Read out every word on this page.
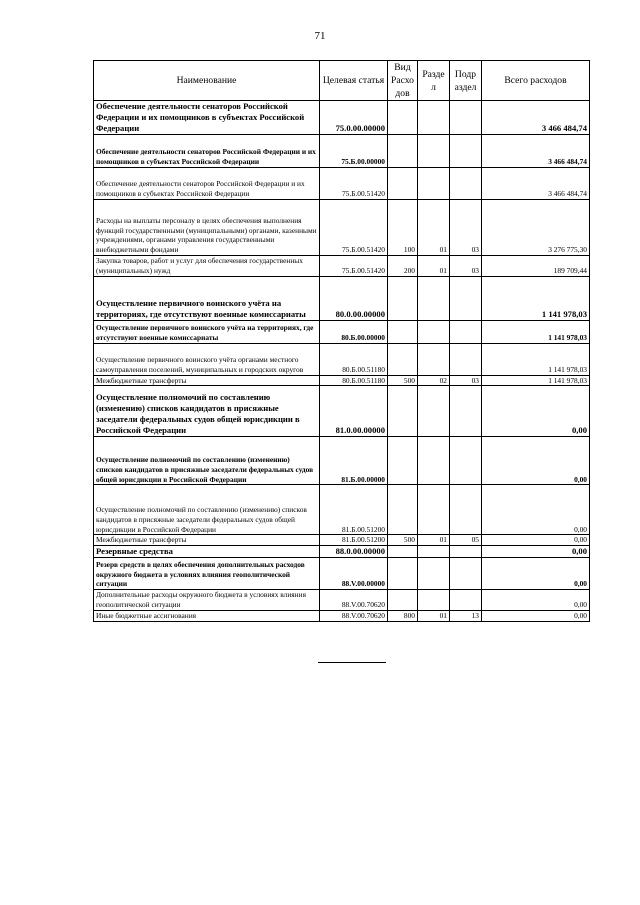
71
Наименование	Целевая статья	Вид Расхо дов	Разде л	Подр аздел	Всего расходов
Обеспечение деятельности сенаторов Российской Федерации и их помощников в субъектах Российской Федерации	75.0.00.00000				3 466 484,74
Обеспечение деятельности сенаторов Российской Федерации и их помощников в субъектах Российской Федерации	75.Б.00.00000				3 466 484,74
Обеспечение деятельности сенаторов Российской Федерации и их помощников в субъектах Российской Федерации	75.Б.00.51420				3 466 484,74
Расходы на выплаты персоналу в целях обеспечения выполнения функций государственными (муниципальными) органами, казенными учреждениями, органами управления государственными внебюджетными фондами	75.Б.00.51420	100	01	03	3 276 775,30
Закупка товаров, работ и услуг для обеспечения государственных (муниципальных) нужд	75.Б.00.51420	200	01	03	189 709,44
Осуществление первичного воинского учёта на территориях, где отсутствуют военные комиссариаты	80.0.00.00000				1 141 978,03
Осуществление первичного воинского учёта на территориях, где отсутствуют военные комиссариаты	80.Б.00.00000				1 141 978,03
Осуществление первичного воинского учёта органами местного самоуправления поселений, муниципальных и городских округов	80.Б.00.51180				1 141 978,03
Межбюджетные трансферты	80.Б.00.51180	500	02	03	1 141 978,03
Осуществление полномочий по составлению (изменению) списков кандидатов в присяжные заседатели федеральных судов общей юрисдикции в Российской Федерации	81.0.00.00000				0,00
Осуществление полномочий по составлению (изменению) списков кандидатов в присяжные заседатели федеральных судов общей юрисдикции в Российской Федерации	81.Б.00.00000				0,00
Осуществление полномочий по составлению (изменению) списков кандидатов в присяжные заседатели федеральных судов общей юрисдикции в Российской Федерации	81.Б.00.51200				0,00
Межбюджетные трансферты	81.Б.00.51200	500	01	05	0,00
Резервные средства	88.0.00.00000				0,00
Резерв средств в целях обеспечения дополнительных расходов окружного бюджета в условиях влияния геополитической ситуации	88.V.00.00000				0,00
Дополнительные расходы окружного бюджета в условиях влияния геополитической ситуации	88.V.00.70620				0,00
Иные бюджетные ассигнования	88.V.00.70620	800	01	13	0,00
